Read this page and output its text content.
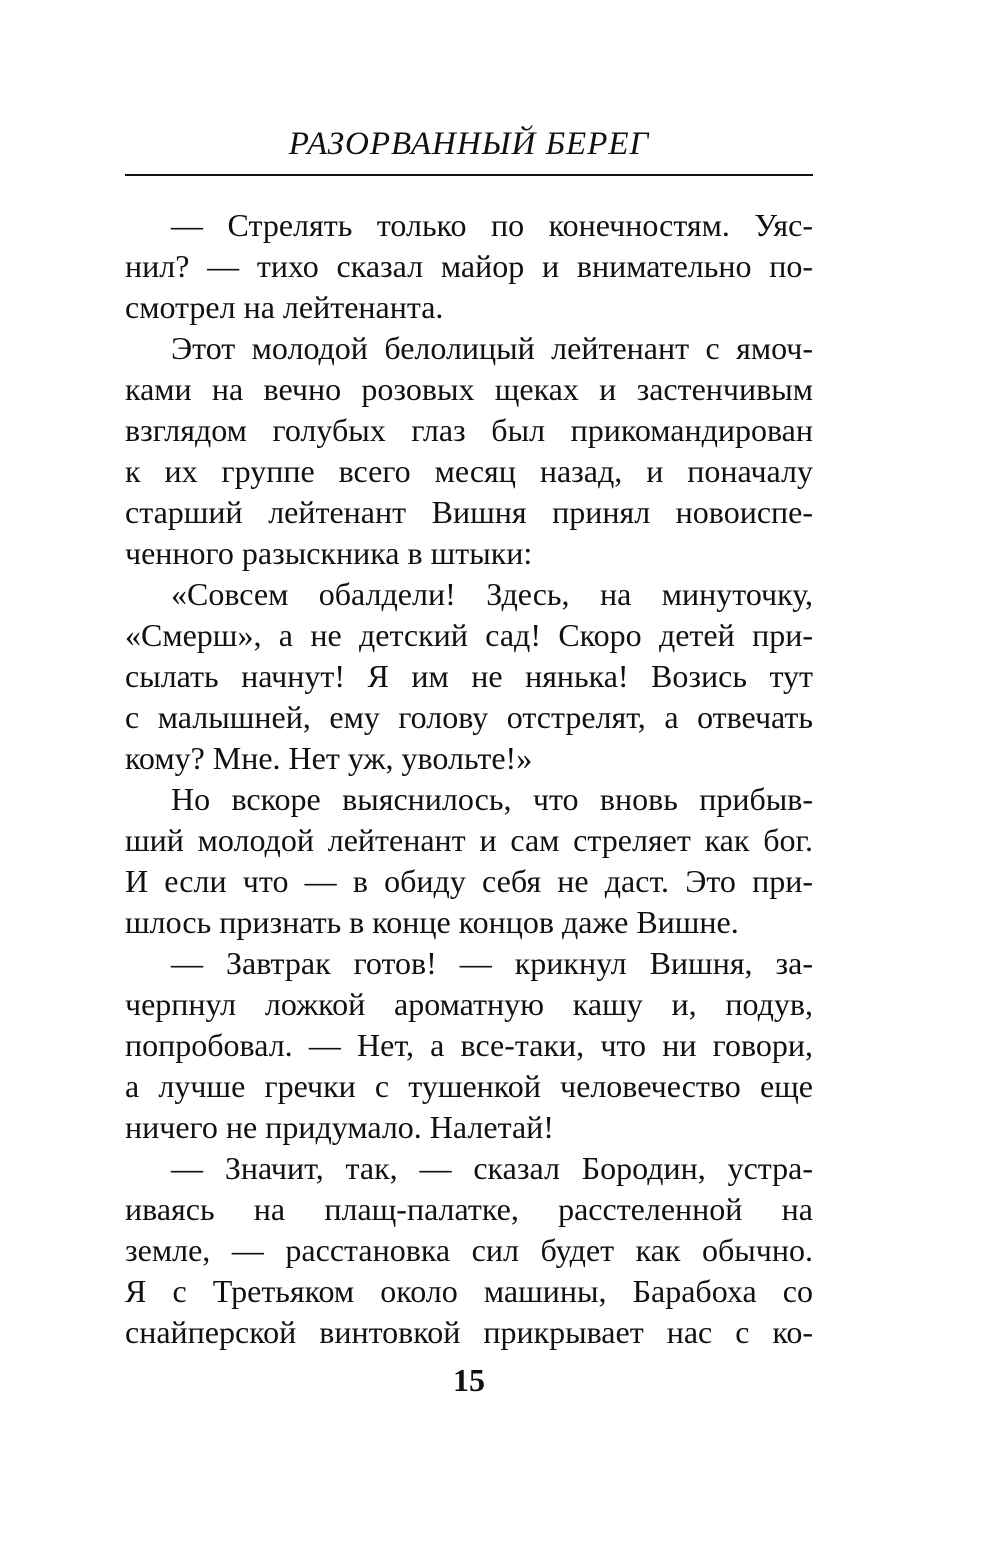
РАЗОРВАННЫЙ БЕРЕГ

— Стрелять только по конечностям. Уяс-
нил? — тихо сказал майор и внимательно по-
смотрел на лейтенанта.

Этот молодой белолицый лейтенант с ямоч-
ками на вечно розовых щеках и застенчивым
взглядом голубых глаз был прикомандирован
к их группе всего месяц назад, и поначалу
старший лейтенант Вишня принял новоиспе-
ченного разыскника в штыки:

«Совсем обалдели! Здесь, на минуточку,
«Смерш», а не детский сад! Скоро детей при-
сылать начнут! Я им не нянька! Возись тут
с малышней, ему голову отстрелят, а отвечать
кому? Мне. Нет уж, увольте!»

Но вскоре выяснилось, что вновь прибыв-
ший молодой лейтенант и сам стреляет как бог.
И если что — в обиду себя не даст. Это при-
шлось признать в конце концов даже Вишне.

— Завтрак готов! — крикнул Вишня, за-
черпнул ложкой ароматную кашу и, подув,
попробовал. — Нет, а все-таки, что ни говори,
а лучше гречки с тушенкой человечество еще
ничего не придумало. Налетай!

— Значит, так, — сказал Бородин, устра-
иваясь на плащ-палатке, расстеленной на
земле, — расстановка сил будет как обычно.
Я с Третьяком около машины, Барабоха со
снайперской винтовкой прикрывает нас с ко-

15
